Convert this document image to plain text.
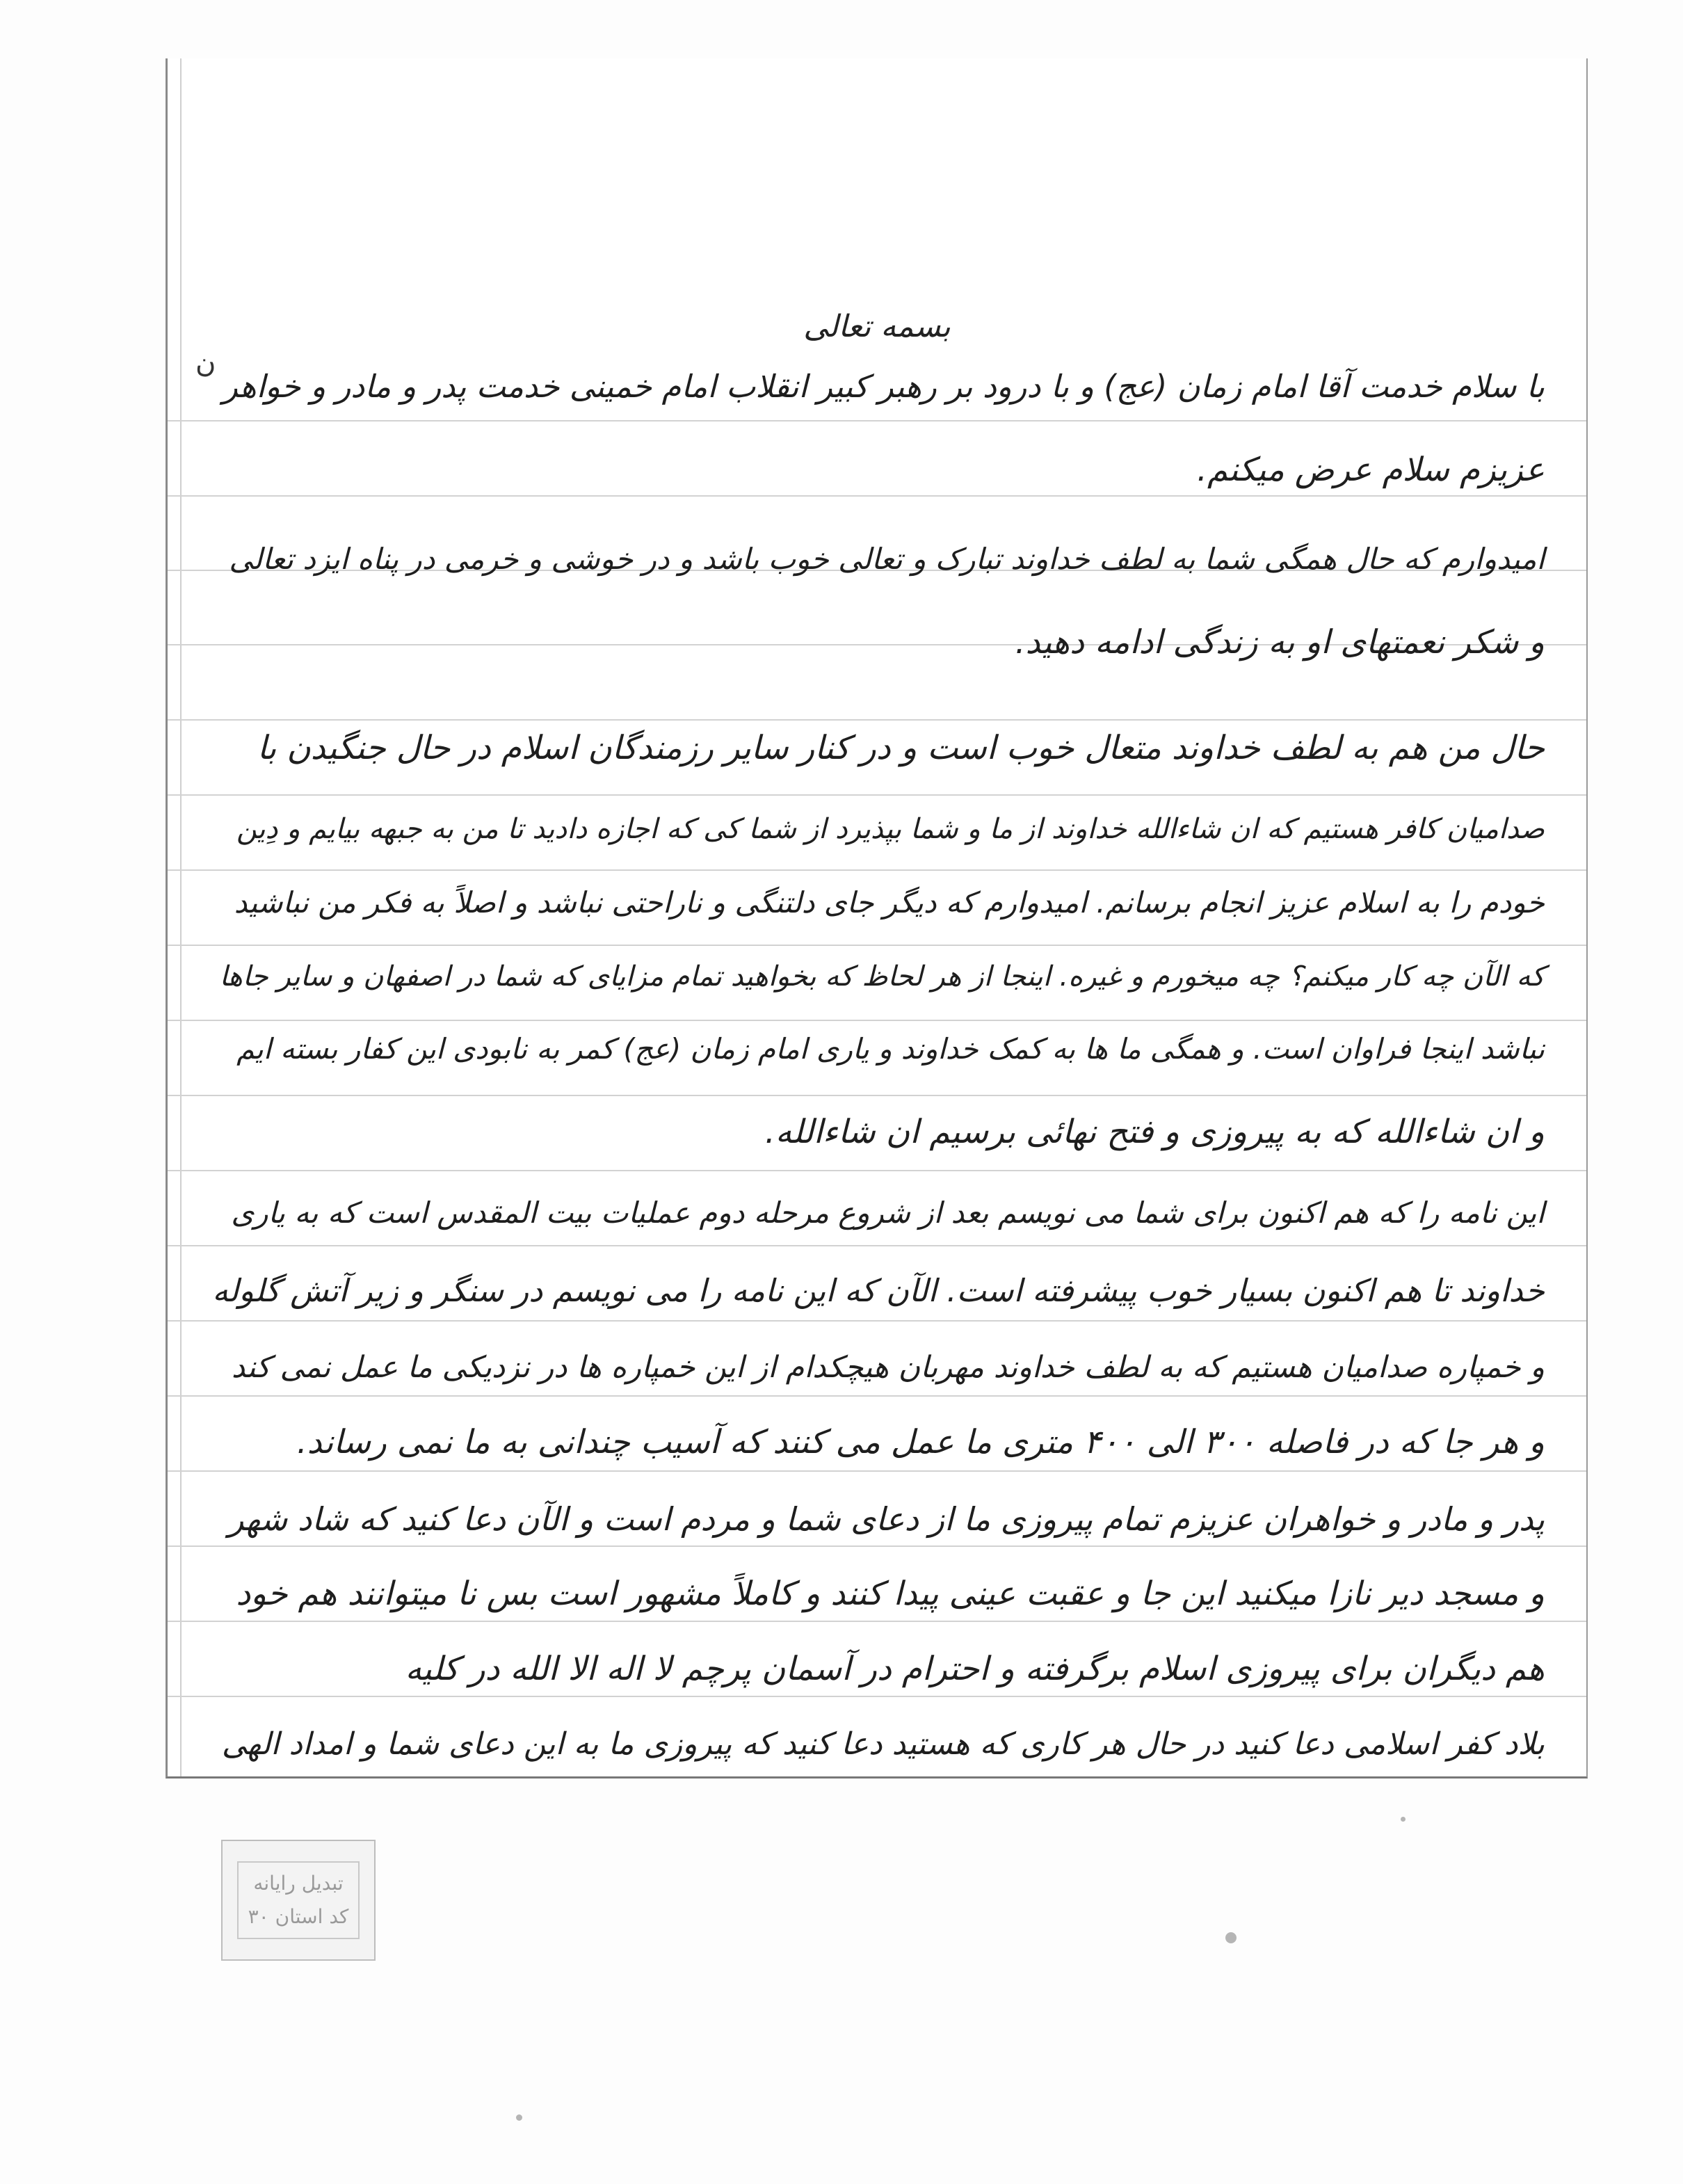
بسمه تعالی
ن
با سلام خدمت آقا امام زمان (عج) و با درود بر رهبر کبیر انقلاب امام خمینی خدمت پدر و مادر و خواهر
عزیزم سلام عرض میکنم.
امیدوارم که حال همگی شما به لطف خداوند تبارک و تعالی خوب باشد و در خوشی و خرمی در پناه ایزد تعالی
و شکر نعمتهای او به زندگی ادامه دهید.
حال من هم به لطف خداوند متعال خوب است و در کنار سایر رزمندگان اسلام در حال جنگیدن با
صدامیان کافر هستیم که ان شاءالله خداوند از ما و شما بپذیرد از شما کی که اجازه دادید تا من به جبهه بیایم و دِین
خودم را به اسلام عزیز انجام برسانم. امیدوارم که دیگر جای دلتنگی و ناراحتی نباشد و اصلاً به فکر من نباشید
که الآن چه کار میکنم؟ چه میخورم و غیره. اینجا از هر لحاظ که بخواهید تمام مزایای که شما در اصفهان و سایر جاها
نباشد اینجا فراوان است. و همگی ما ها به کمک خداوند و یاری امام زمان (عج) کمر به نابودی این کفار بسته ایم
و ان شاءالله که به پیروزی و فتح نهائی برسیم ان شاءالله.
این نامه را که هم اکنون برای شما می نویسم بعد از شروع مرحله دوم عملیات بیت المقدس است که به یاری
خداوند تا هم اکنون بسیار خوب پیشرفته است. الآن که این نامه را می نویسم در سنگر و زیر آتش گلوله
و خمپاره صدامیان هستیم که به لطف خداوند مهربان هیچکدام از این خمپاره ها در نزدیکی ما عمل نمی کند
و هر جا که در فاصله ۳۰۰ الی ۴۰۰ متری ما عمل می کنند که آسیب چندانی به ما نمی رساند.
پدر و مادر و خواهران عزیزم تمام پیروزی ما از دعای شما و مردم است و الآن دعا کنید که شاد شهر
و مسجد دیر نازا میکنید این جا و عقبت عینی پیدا کنند و کاملاً مشهور است بس نا میتوانند هم خود
هم دیگران برای پیروزی اسلام برگرفته و احترام در آسمان پرچم لا اله الا الله در کلیه
بلاد کفر اسلامی دعا کنید در حال هر کاری که هستید دعا کنید که پیروزی ما به این دعای شما و امداد الهی
تبدیل رایانه
کد استان ۳۰
